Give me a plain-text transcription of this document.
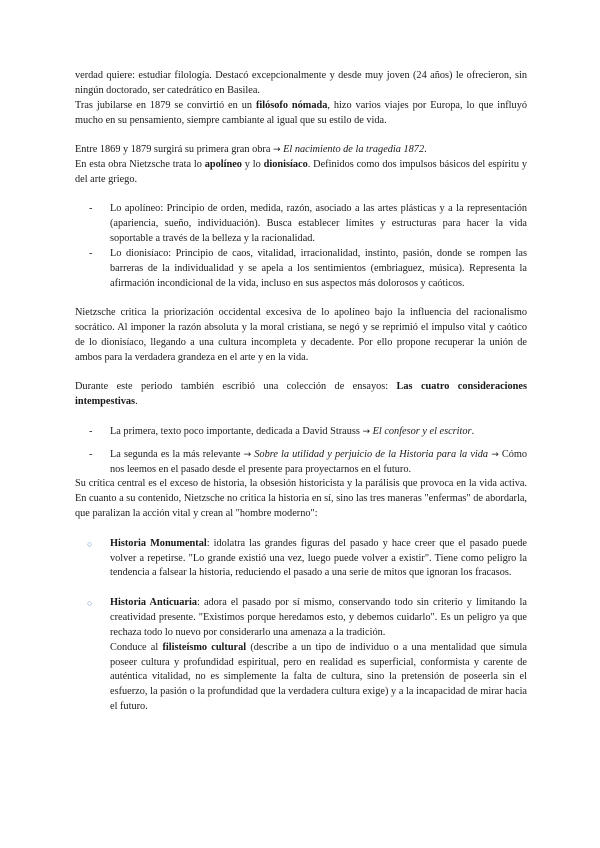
verdad quiere: estudiar filología. Destacó excepcionalmente y desde muy joven (24 años) le ofrecieron, sin ningún doctorado, ser catedrático en Basilea.

Tras jubilarse en 1879 se convirtió en un filósofo nómada, hizo varios viajes por Europa, lo que influyó mucho en su pensamiento, siempre cambiante al igual que su estilo de vida.

Entre 1869 y 1879 surgirá su primera gran obra → El nacimiento de la tragedia 1872.

En esta obra Nietzsche trata lo apolíneo y lo dionisíaco. Definidos como dos impulsos básicos del espíritu y del arte griego.

- Lo apolíneo: Principio de orden, medida, razón, asociado a las artes plásticas y a la representación (apariencia, sueño, individuación). Busca establecer límites y estructuras para hacer la vida soportable a través de la belleza y la racionalidad.
- Lo dionisíaco: Principio de caos, vitalidad, irracionalidad, instinto, pasión, donde se rompen las barreras de la individualidad y se apela a los sentimientos (embriaguez, música). Representa la afirmación incondicional de la vida, incluso en sus aspectos más dolorosos y caóticos.

Nietzsche critica la priorización occidental excesiva de lo apolíneo bajo la influencia del racionalismo socrático. Al imponer la razón absoluta y la moral cristiana, se negó y se reprimió el impulso vital y caótico de lo dionisíaco, llegando a una cultura incompleta y decadente. Por ello propone recuperar la unión de ambos para la verdadera grandeza en el arte y en la vida.

Durante este periodo también escribió una colección de ensayos: Las cuatro consideraciones intempestivas.

- La primera, texto poco importante, dedicada a David Strauss → El confesor y el escritor.
- La segunda es la más relevante → Sobre la utilidad y perjuicio de la Historia para la vida → Cómo nos leemos en el pasado desde el presente para proyectarnos en el futuro.

Su crítica central es el exceso de historia, la obsesión historicista y la parálisis que provoca en la vida activa. En cuanto a su contenido, Nietzsche no critica la historia en sí, sino las tres maneras "enfermas" de abordarla, que paralizan la acción vital y crean al "hombre moderno":

○ Historia Monumental: idolatra las grandes figuras del pasado y hace creer que el pasado puede volver a repetirse. "Lo grande existió una vez, luego puede volver a existir". Tiene como peligro la tendencia a falsear la historia, reduciendo el pasado a una serie de mitos que ignoran los fracasos.
○ Historia Anticuaria: adora el pasado por sí mismo, conservando todo sin criterio y limitando la creatividad presente. "Existimos porque heredamos esto, y debemos cuidarlo". Es un peligro ya que rechaza todo lo nuevo por considerarlo una amenaza a la tradición.
Conduce al filisteísmo cultural (describe a un tipo de individuo o a una mentalidad que simula poseer cultura y profundidad espiritual, pero en realidad es superficial, conformista y carente de auténtica vitalidad, no es simplemente la falta de cultura, sino la pretensión de poseerla sin el esfuerzo, la pasión o la profundidad que la verdadera cultura exige) y a la incapacidad de mirar hacia el futuro.
